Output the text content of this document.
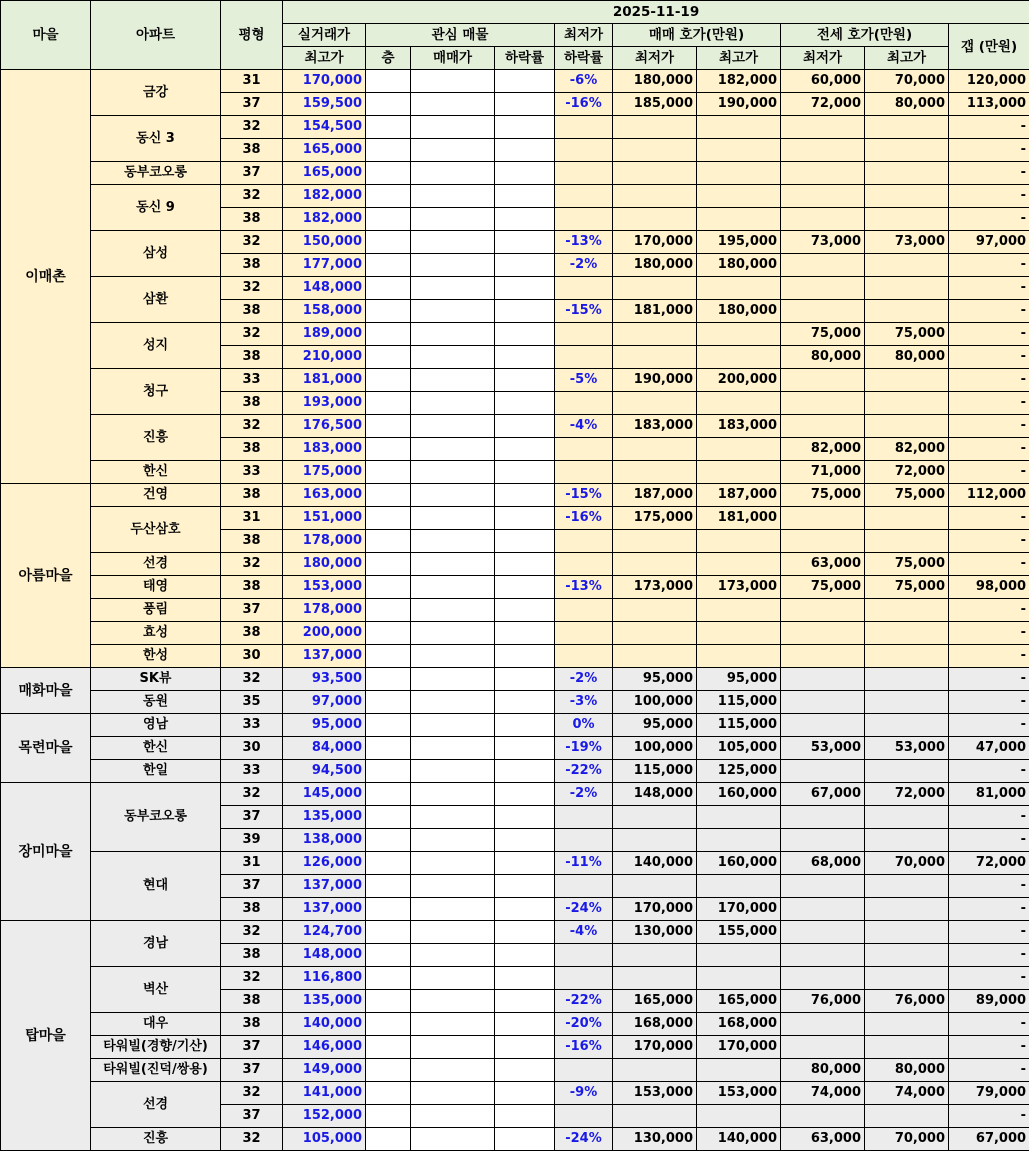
마을	아파트	평형	2025-11-19									
			실거래가	관심 매물			최저가	매매 호가(만원)		전세 호가(만원)		갭 (만원)
			최고가	층	매매가	하락률	하락률	최저가	최고가	최저가	최고가	
이매촌	금강	31	170,000				-6%	180,000	182,000	60,000	70,000	120,000
		37	159,500				-16%	185,000	190,000	72,000	80,000	113,000
	동신 3	32	154,500									-
		38	165,000									-
	동부코오롱	37	165,000									-
	동신 9	32	182,000									-
		38	182,000									-
	삼성	32	150,000				-13%	170,000	195,000	73,000	73,000	97,000
		38	177,000				-2%	180,000	180,000			-
	삼환	32	148,000									-
		38	158,000				-15%	181,000	180,000			-
	성지	32	189,000							75,000	75,000	-
		38	210,000							80,000	80,000	-
	청구	33	181,000				-5%	190,000	200,000			-
		38	193,000									-
	진흥	32	176,500				-4%	183,000	183,000			-
		38	183,000							82,000	82,000	-
	한신	33	175,000							71,000	72,000	-
아름마을	건영	38	163,000				-15%	187,000	187,000	75,000	75,000	112,000
	두산삼호	31	151,000				-16%	175,000	181,000			-
		38	178,000									-
	선경	32	180,000							63,000	75,000	-
	태영	38	153,000				-13%	173,000	173,000	75,000	75,000	98,000
	풍림	37	178,000									-
	효성	38	200,000									-
	한성	30	137,000									-
매화마을	SK뷰	32	93,500				-2%	95,000	95,000			-
	동원	35	97,000				-3%	100,000	115,000			-
목련마을	영남	33	95,000				0%	95,000	115,000			-
	한신	30	84,000				-19%	100,000	105,000	53,000	53,000	47,000
	한일	33	94,500				-22%	115,000	125,000			-
장미마을	동부코오롱	32	145,000				-2%	148,000	160,000	67,000	72,000	81,000
		37	135,000									-
		39	138,000									-
	현대	31	126,000				-11%	140,000	160,000	68,000	70,000	72,000
		37	137,000									-
		38	137,000				-24%	170,000	170,000			-
탑마을	경남	32	124,700				-4%	130,000	155,000			-
		38	148,000									-
	벽산	32	116,800									-
		38	135,000				-22%	165,000	165,000	76,000	76,000	89,000
	대우	38	140,000				-20%	168,000	168,000			-
	타워빌(경향/기산)	37	146,000				-16%	170,000	170,000			-
	타워빌(진덕/쌍용)	37	149,000							80,000	80,000	-
	선경	32	141,000				-9%	153,000	153,000	74,000	74,000	79,000
		37	152,000									-
	진흥	32	105,000				-24%	130,000	140,000	63,000	70,000	67,000
